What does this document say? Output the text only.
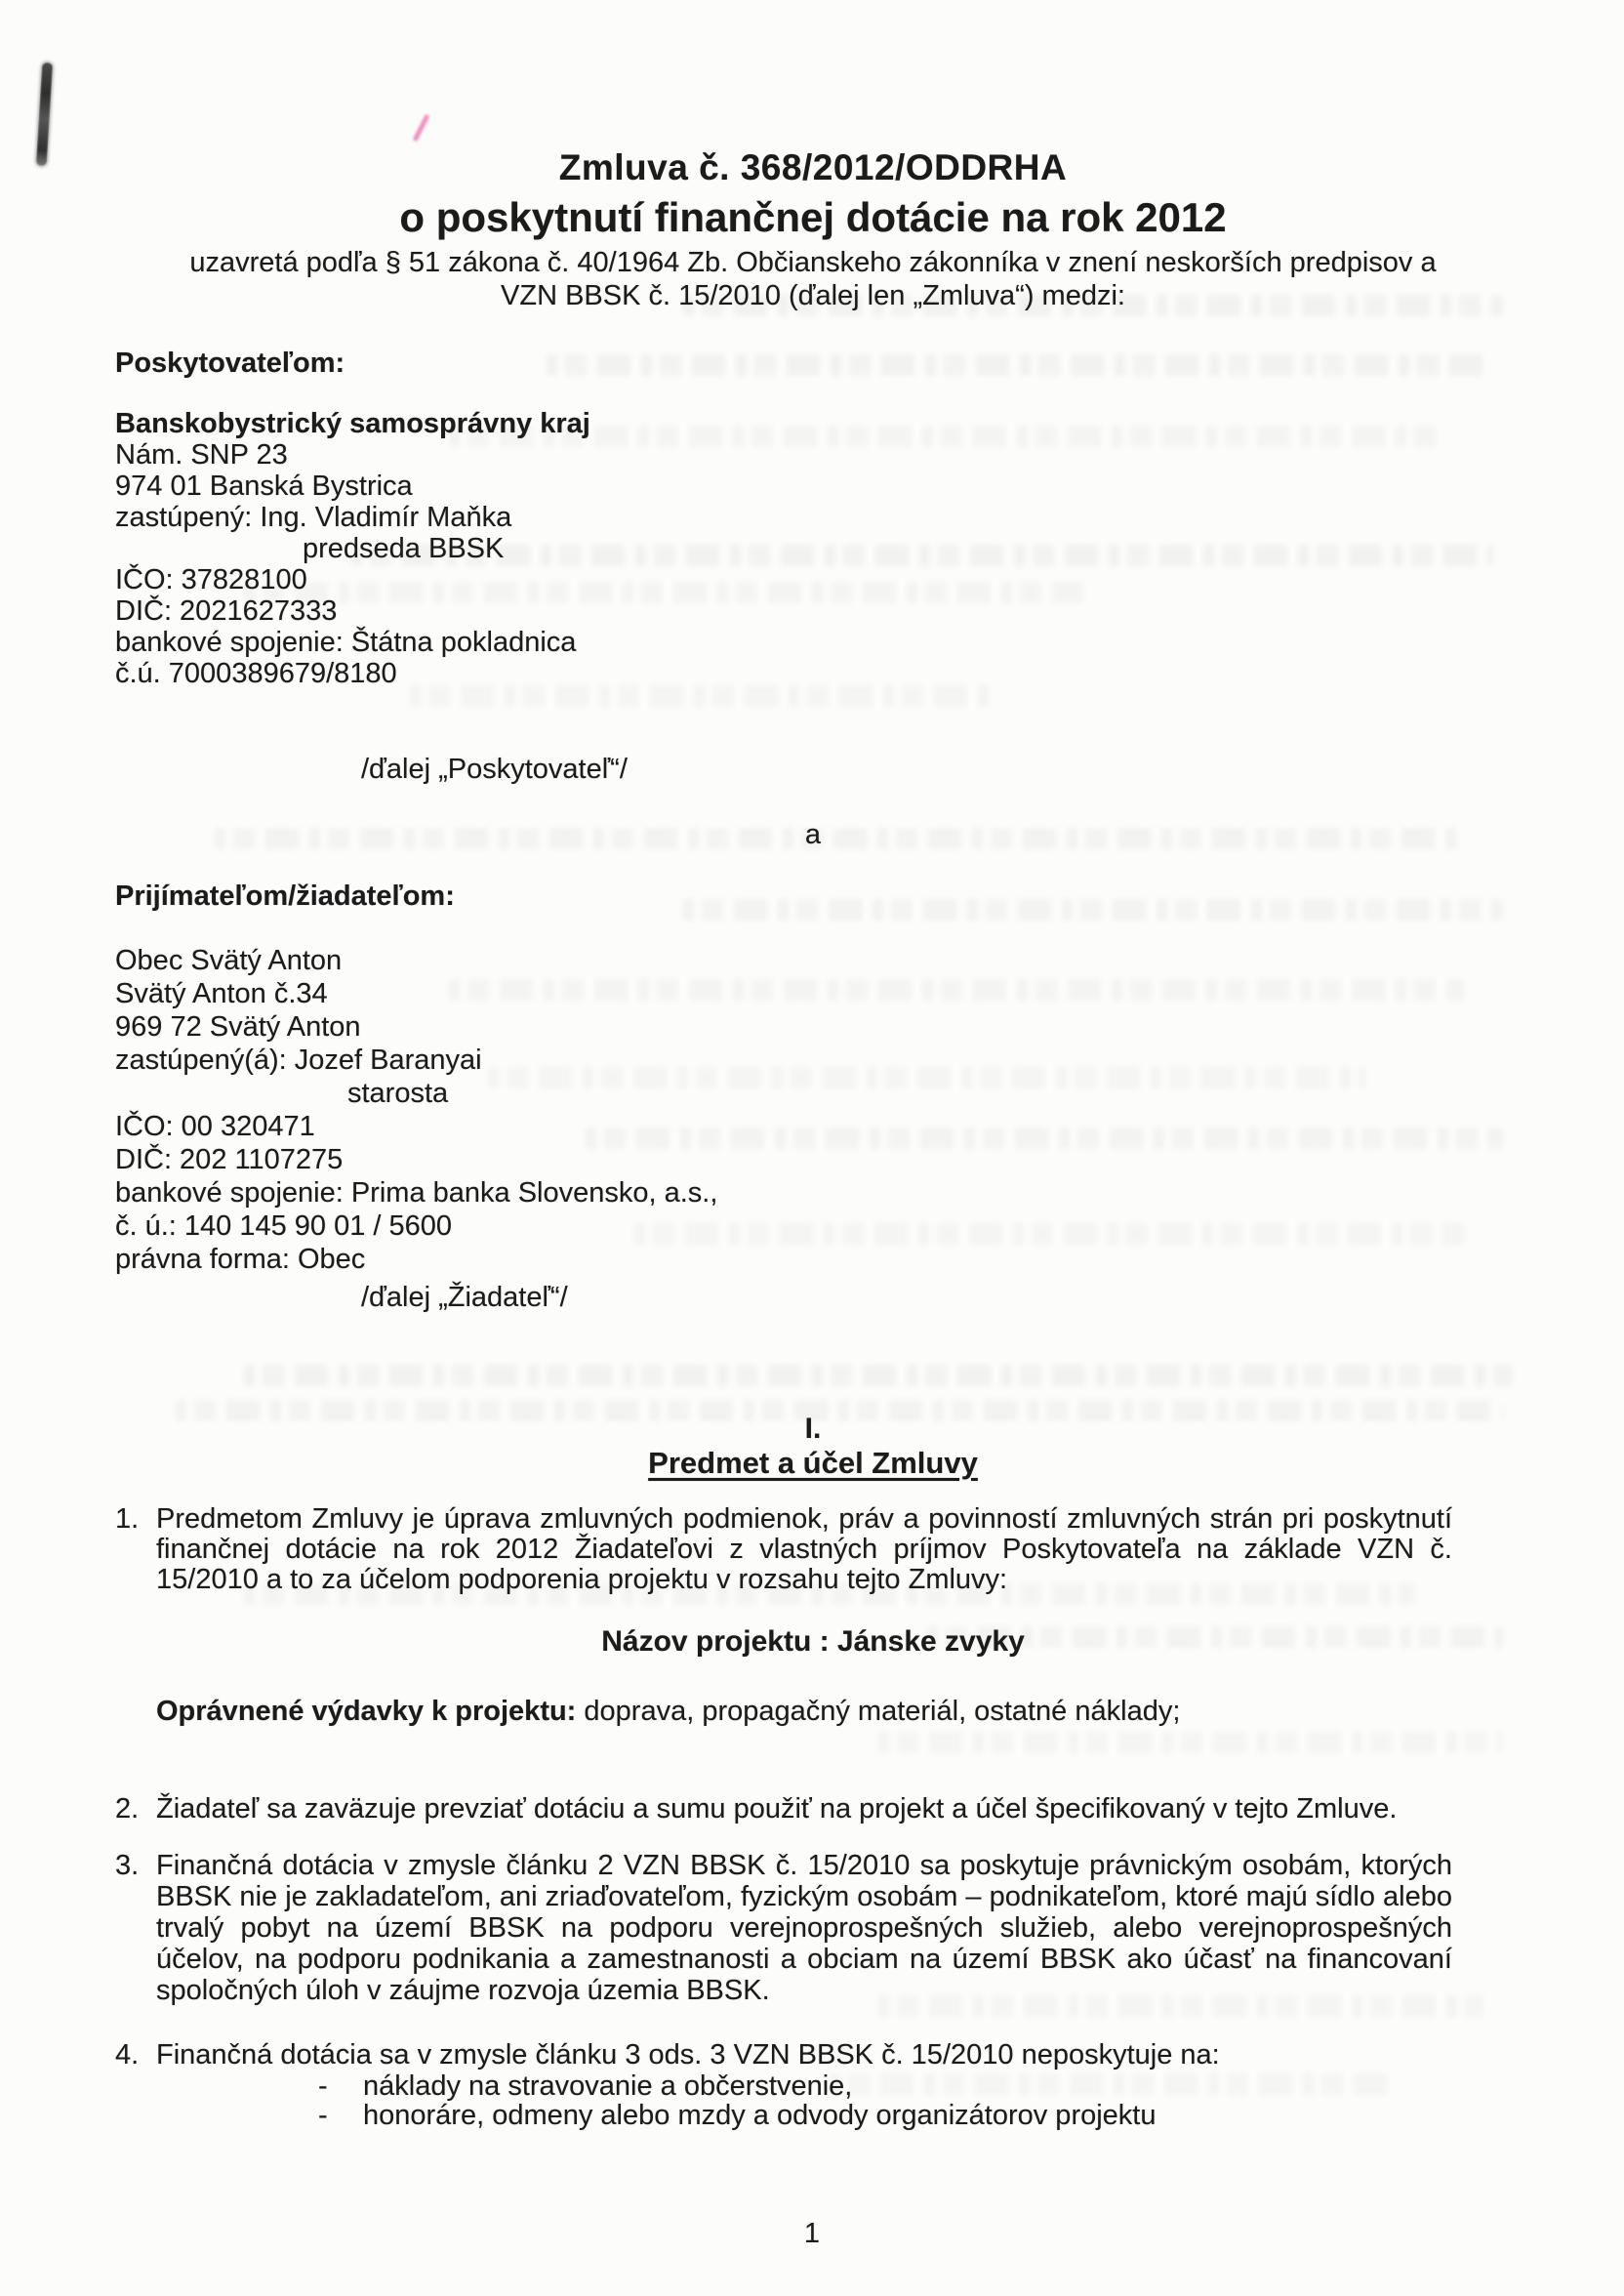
Zmluva č. 368/2012/ODDRHA
o poskytnutí finančnej dotácie na rok 2012
uzavretá podľa § 51 zákona č. 40/1964 Zb. Občianskeho zákonníka v znení neskorších predpisov a
VZN BBSK č. 15/2010 (ďalej len „Zmluva“) medzi:
Poskytovateľom:
Banskobystrický samosprávny kraj
Nám. SNP 23
974 01 Banská Bystrica
zastúpený: Ing. Vladimír Maňka
predseda BBSK
IČO: 37828100
DIČ: 2021627333
bankové spojenie: Štátna pokladnica
č.ú. 7000389679/8180
/ďalej „Poskytovateľ“/
a
Prijímateľom/žiadateľom:
Obec Svätý Anton
Svätý Anton č.34
969 72 Svätý Anton
zastúpený(á): Jozef Baranyai
starosta
IČO: 00 320471
DIČ: 202 1107275
bankové spojenie: Prima banka Slovensko, a.s.,
č. ú.: 140 145 90 01 / 5600
právna forma: Obec
/ďalej „Žiadateľ“/
I.
Predmet a účel Zmluvy
1. Predmetom Zmluvy je úprava zmluvných podmienok, práv a povinností zmluvných strán pri poskytnutí finančnej dotácie na rok 2012 Žiadateľovi z vlastných príjmov Poskytovateľa na základe VZN č. 15/2010 a to za účelom podporenia projektu v rozsahu tejto Zmluvy:
Názov projektu : Jánske zvyky
Oprávnené výdavky k projektu: doprava, propagačný materiál, ostatné náklady;
2. Žiadateľ sa zaväzuje prevziať dotáciu a sumu použiť na projekt a účel špecifikovaný v tejto Zmluve.
3. Finančná dotácia v zmysle článku 2 VZN BBSK č. 15/2010 sa poskytuje právnickým osobám, ktorých BBSK nie je zakladateľom, ani zriaďovateľom, fyzickým osobám – podnikateľom, ktoré majú sídlo alebo trvalý pobyt na území BBSK na podporu verejnoprospešných služieb, alebo verejnoprospešných účelov, na podporu podnikania a zamestnanosti a obciam na území BBSK ako účasť na financovaní spoločných úloh v záujme rozvoja územia BBSK.
4. Finančná dotácia sa v zmysle článku 3 ods. 3 VZN BBSK č. 15/2010 neposkytuje na:
- náklady na stravovanie a občerstvenie,
- honoráre, odmeny alebo mzdy a odvody organizátorov projektu
1
